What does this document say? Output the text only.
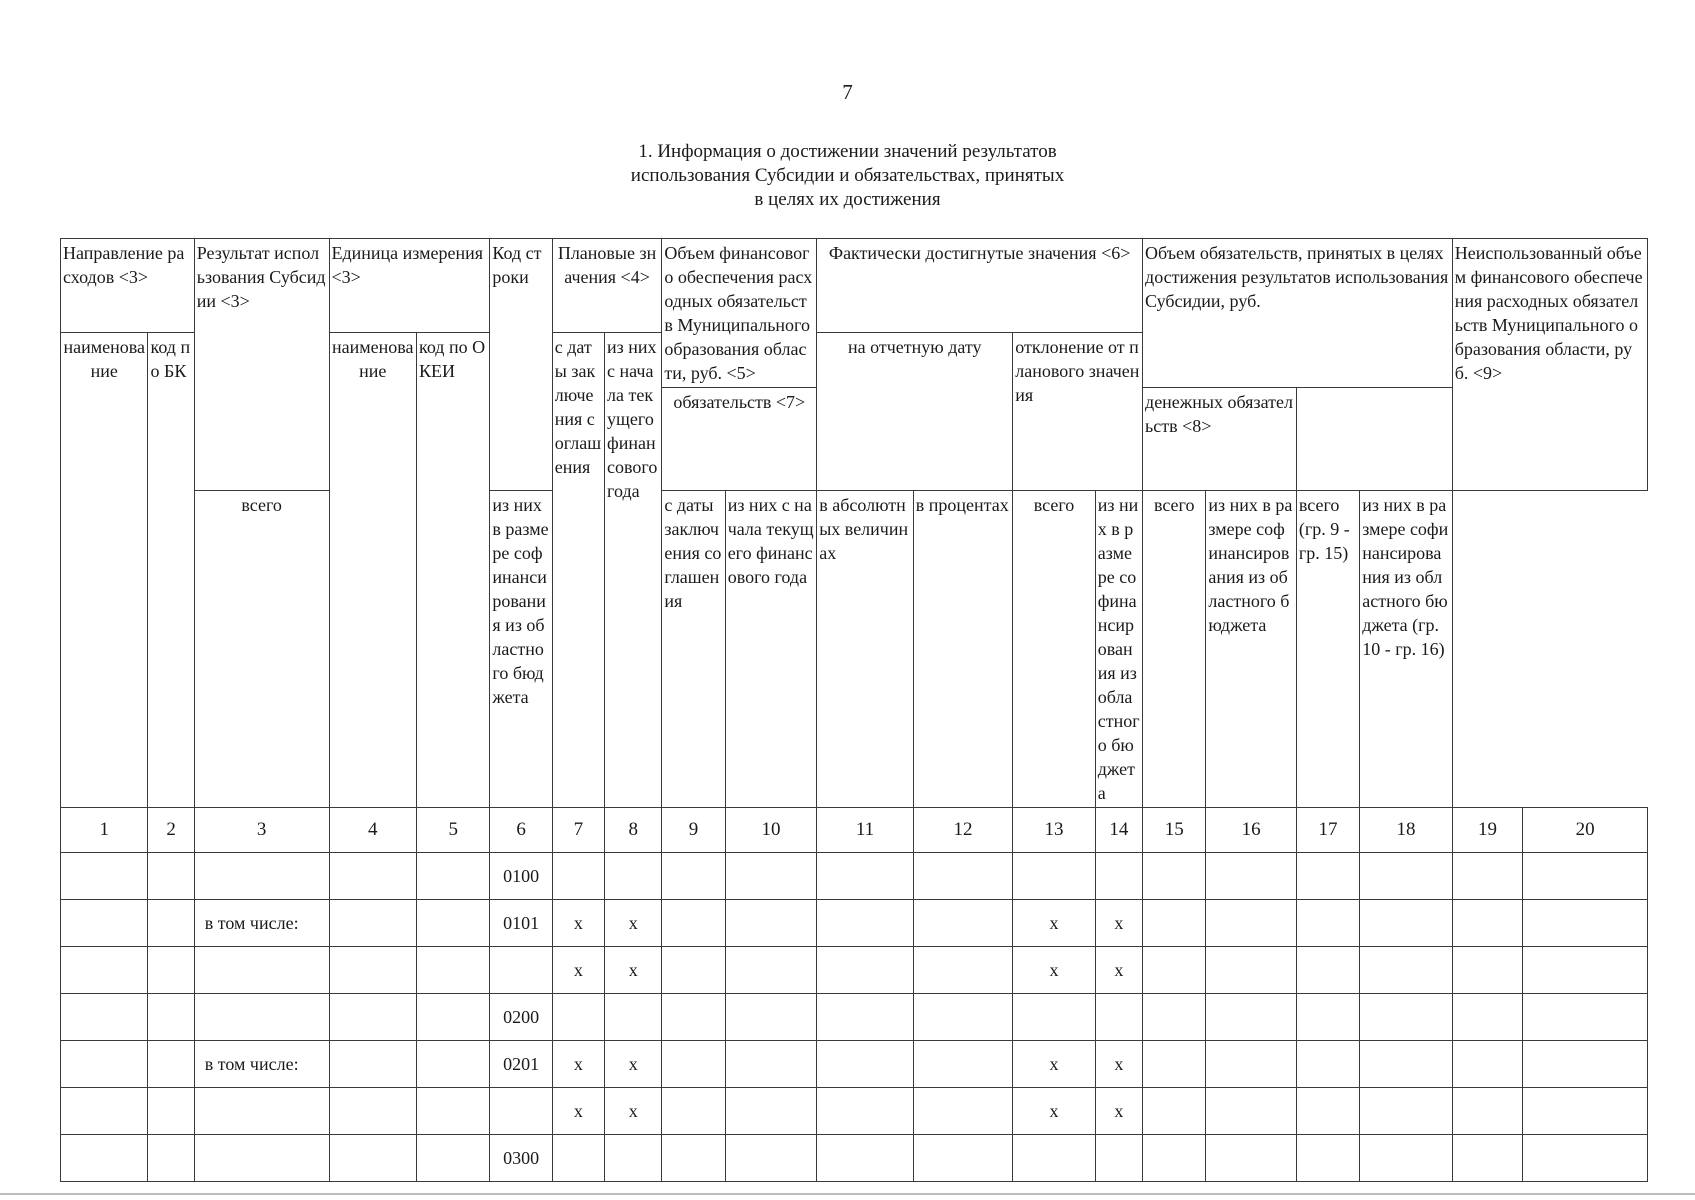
7
1. Информация о достижении значений результатов
использования Субсидии и обязательствах, принятых
в целях их достижения
Направление расходов <3>		Результат использования Субсидии <3>	Единица измерения <3>		Код строки	Плановые значения <4>		Объем финансового обеспечения расходных обязательств Муниципального образования области, руб. <5>		Фактически достигнутые значения <6>				Объем обязательств, принятых в целях достижения результатов использования Субсидии, руб.				Неиспользованный объем финансового обеспечения расходных обязательств Муниципального образования области, руб. <9>	
наименование	код по БК		наименование	код по ОКЕИ		с даты заключения соглашения	из них с начала текущего финансового года			на отчетную дату		отклонение от планового значения							
								обязательств <7>						денежных обязательств <8>					
		всего			из них в размере софинансирования из областного бюджета			с даты заключения соглашения	из них с начала текущего финансового года	в абсолютных величинах	в процентах	всего	из них в размере софинансирования из областного бюджета	всего	из них в размере софинансирования из областного бюджета	всего (гр. 9 - гр. 15)	из них в размере софинансирования из областного бюджета (гр. 10 - гр. 16)		
1	2	3	4	5	6	7	8	9	10	11	12	13	14	15	16	17	18	19	20
					0100														
		в том числе:			0101	x	x					x	x						
						x	x					x	x						
					0200														
		в том числе:			0201	x	x					x	x						
						x	x					x	x						
					0300														
